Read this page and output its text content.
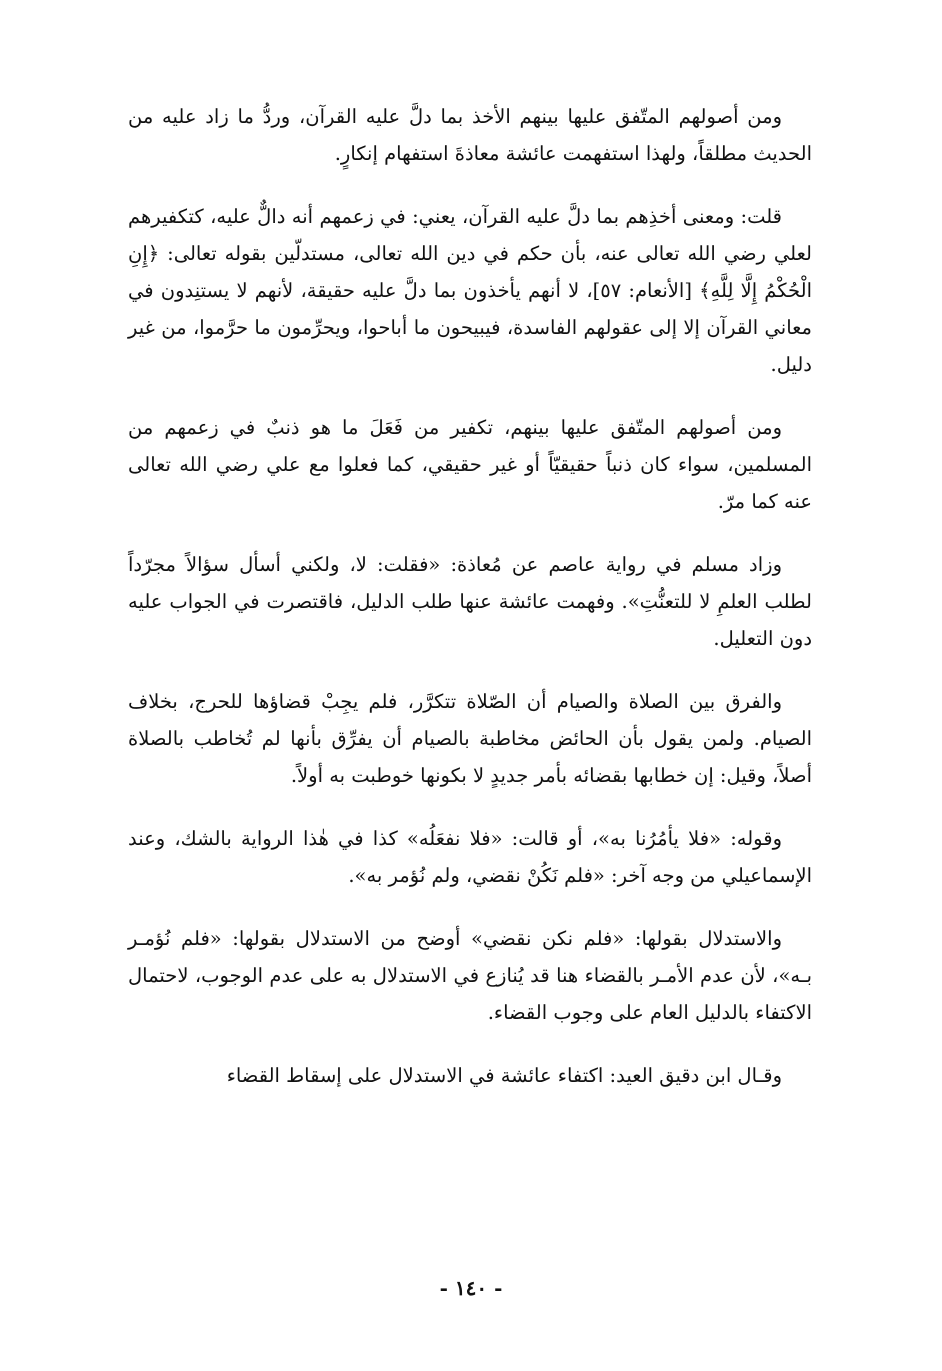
ومن أصولهم المتّفق عليها بينهم الأخذ بما دلَّ عليه القرآن، وردُّ ما زاد عليه من الحديث مطلقاً، ولهذا استفهمت عائشة معاذةَ استفهام إنكارٍ.

قلت: ومعنى أخذِهم بما دلَّ عليه القرآن، يعني: في زعمهم أنه دالٌّ عليه، كتكفيرهم لعلي رضي الله تعالى عنه، بأن حكم في دين الله تعالى، مستدلّين بقوله تعالى: ﴿إِنِ الْحُكْمُ إِلَّا لِلَّهِ﴾ [الأنعام: ٥٧]، لا أنهم يأخذون بما دلَّ عليه حقيقة، لأنهم لا يستنِدون في معاني القرآن إلا إلى عقولهم الفاسدة، فيبيحون ما أباحوا، ويحرِّمون ما حرَّموا، من غير دليل.

ومن أصولهم المتّفق عليها بينهم، تكفير من فَعَلَ ما هو ذنبٌ في زعمهم من المسلمين، سواء كان ذنباً حقيقيّاً أو غير حقيقي، كما فعلوا مع علي رضي الله تعالى عنه كما مرّ.

وزاد مسلم في رواية عاصم عن مُعاذة: «فقلت: لا، ولكني أسأل سؤالاً مجرّداً لطلب العلمِ لا للتعنُّتِ». وفهمت عائشة عنها طلب الدليل، فاقتصرت في الجواب عليه دون التعليل.

والفرق بين الصلاة والصيام أن الصّلاة تتكرَّر، فلم يجِبْ قضاؤها للحرج، بخلاف الصيام. ولمن يقول بأن الحائض مخاطبة بالصيام أن يفرِّق بأنها لم تُخاطب بالصلاة أصلاً، وقيل: إن خطابها بقضائه بأمر جديدٍ لا بكونها خوطبت به أولاً.

وقوله: «فلا يأمُرُنا به»، أو قالت: «فلا نفعَلُه» كذا في هٰذا الرواية بالشك، وعند الإسماعيلي من وجه آخر: «فلم نَكُنْ نقضي، ولم نُؤمر به».

والاستدلال بقولها: «فلم نكن نقضي» أوضح من الاستدلال بقولها: «فلم نُؤمـر بـه»، لأن عدم الأمـر بالقضاء هنا قد يُنازع في الاستدلال به على عدم الوجوب، لاحتمال الاكتفاء بالدليل العام على وجوب القضاء.

وقـال ابن دقيق العيد: اكتفاء عائشة في الاستدلال على إسقاط القضاء

- ١٤٠ -
